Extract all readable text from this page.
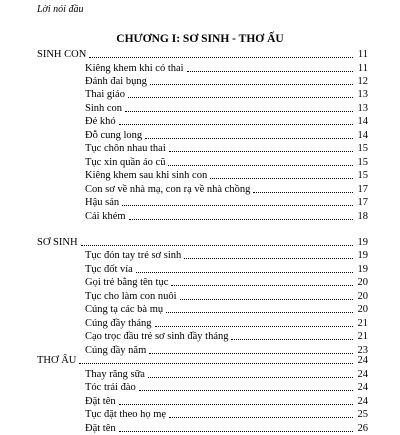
Lời nói đầu
CHƯƠNG I: SƠ SINH - THƠ ẤU
SINH CON	11
Kiêng khem khi có thai	11
Đánh đai bụng	12
Thai giáo	13
Sinh con	13
Đẻ khó	14
Đỗ cung long	14
Tục chôn nhau thai	15
Tục xin quần áo cũ	15
Kiêng khem sau khi sinh con	15
Con sơ về nhà mạ, con rạ về nhà chồng	17
Hậu sản	17
Cái khém	18
SƠ SINH	19
Tục đón tay trẻ sơ sinh	19
Tục đốt vía	19
Gọi trẻ bằng tên tục	20
Tục cho làm con nuôi	20
Cúng tạ các bà mụ	20
Cúng đầy tháng	21
Cạo trọc đầu trẻ sơ sinh đầy tháng	21
Cúng đầy năm	23
THƠ ẤU	24
Thay răng sữa	24
Tóc trái đào	24
Đặt tên	24
Tục đặt theo họ mẹ	25
Đặt tên	26
